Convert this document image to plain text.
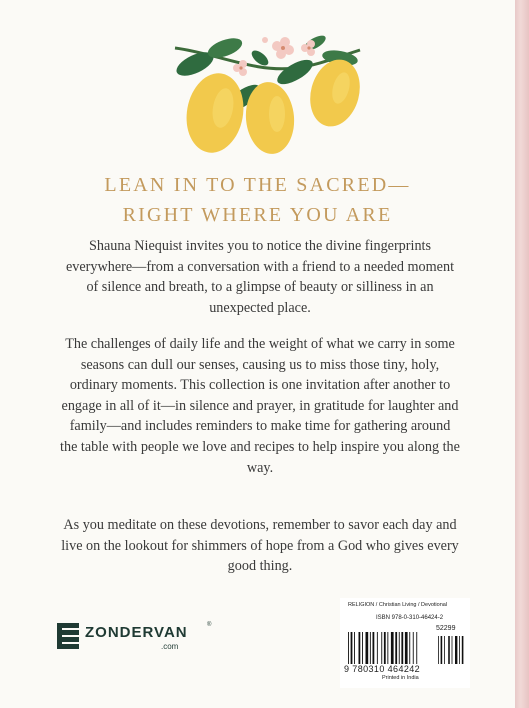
LEAN IN TO THE SACRED—
RIGHT WHERE YOU ARE
Shauna Niequist invites you to notice the divine fingerprints everywhere—from a conversation with a friend to a needed moment of silence and breath, to a glimpse of beauty or silliness in an unexpected place.
The challenges of daily life and the weight of what we carry in some seasons can dull our senses, causing us to miss those tiny, holy, ordinary moments. This collection is one invitation after another to engage in all of it—in silence and prayer, in gratitude for laughter and family—and includes reminders to make time for gathering around the table with people we love and recipes to help inspire you along the way.
As you meditate on these devotions, remember to savor each day and live on the lookout for shimmers of hope from a God who gives every good thing.
ZONDERVAN	®
.com
RELIGION / Christian Living / Devotional
ISBN 978-0-310-46424-2
52299
9 780310 464242
Printed in India
